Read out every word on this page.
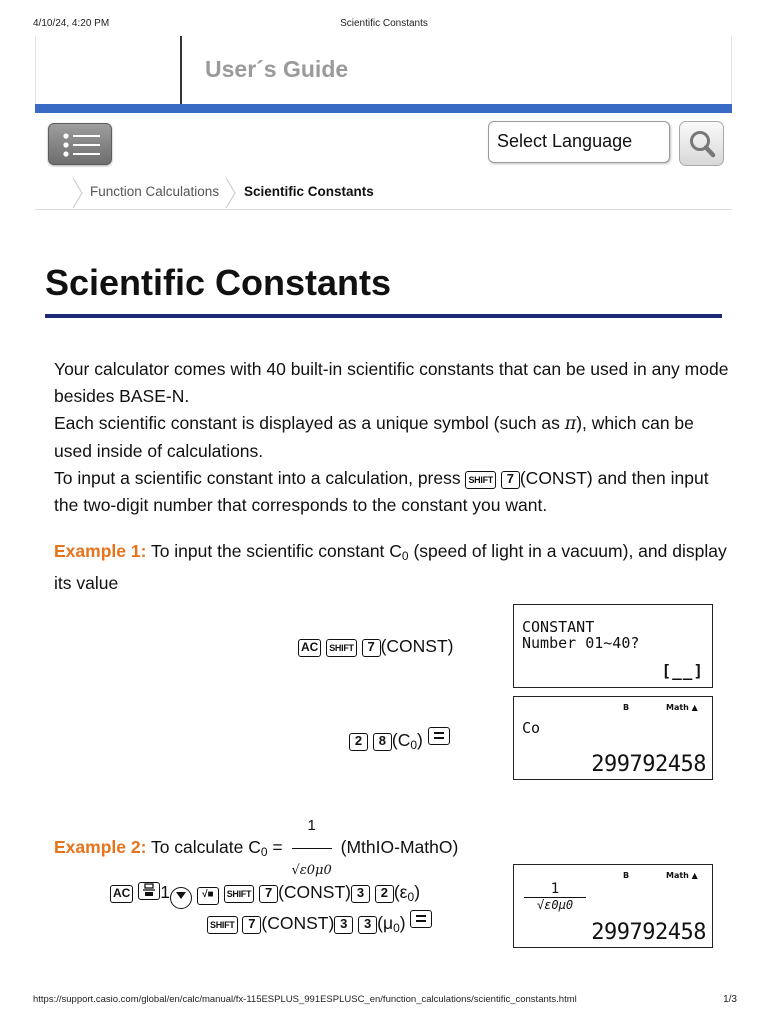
4/10/24, 4:20 PM	Scientific Constants
User´s Guide
Select Language
Function Calculations Scientific Constants
Scientific Constants

Your calculator comes with 40 built-in scientific constants that can be used in any mode besides BASE-N.

Each scientific constant is displayed as a unique symbol (such as π), which can be used inside of calculations.

To input a scientific constant into a calculation, press SHIFT 7 (CONST) and then input the two-digit number that corresponds to the constant you want.

Example 1: To input the scientific constant $C_0$ (speed of light in a vacuum), and display its value
AC SHIFT 7 (CONST)
CONSTANT
Number 01~40?
[__]
2 8 $(C_0)$
B	Math ▲
Co
299792458
Example 2: To calculate $C_0 = \frac{1}{√\varepsilon 0\mu 0}$ (MthIO-MathO)
AC 1	√■ SHIFT 7 (CONST) 3 2 $(\varepsilon_0)$
SHIFT 7 (CONST) 3 3 $(\mu_0)$
B	Math ▲
$\frac{1}{√\varepsilon 0\mu 0}$
299792458
https://support.casio.com/global/en/calc/manual/fx-115ESPLUS_991ESPLUSC_en/function_calculations/scientific_constants.html	1/3
